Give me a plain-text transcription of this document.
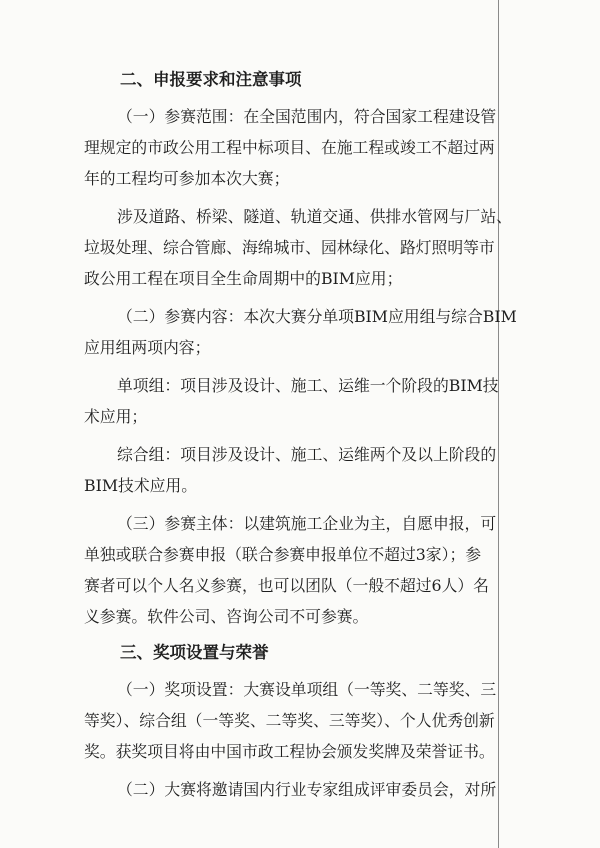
二、申报要求和注意事项
（一）参赛范围：在全国范围内，符合国家工程建设管
理规定的市政公用工程中标项目、在施工程或竣工不超过两
年的工程均可参加本次大赛；
涉及道路、桥梁、隧道、轨道交通、供排水管网与厂站、
垃圾处理、综合管廊、海绵城市、园林绿化、路灯照明等市
政公用工程在项目全生命周期中的BIM应用；
（二）参赛内容：本次大赛分单项BIM应用组与综合BIM
应用组两项内容；
单项组：项目涉及设计、施工、运维一个阶段的BIM技
术应用；
综合组：项目涉及设计、施工、运维两个及以上阶段的
BIM技术应用。
（三）参赛主体：以建筑施工企业为主，自愿申报，可
单独或联合参赛申报（联合参赛申报单位不超过3家）；参
赛者可以个人名义参赛，也可以团队（一般不超过6人）名
义参赛。软件公司、咨询公司不可参赛。
三、奖项设置与荣誉
（一）奖项设置：大赛设单项组（一等奖、二等奖、三
等奖）、综合组（一等奖、二等奖、三等奖）、个人优秀创新
奖。获奖项目将由中国市政工程协会颁发奖牌及荣誉证书。
（二）大赛将邀请国内行业专家组成评审委员会，对所
